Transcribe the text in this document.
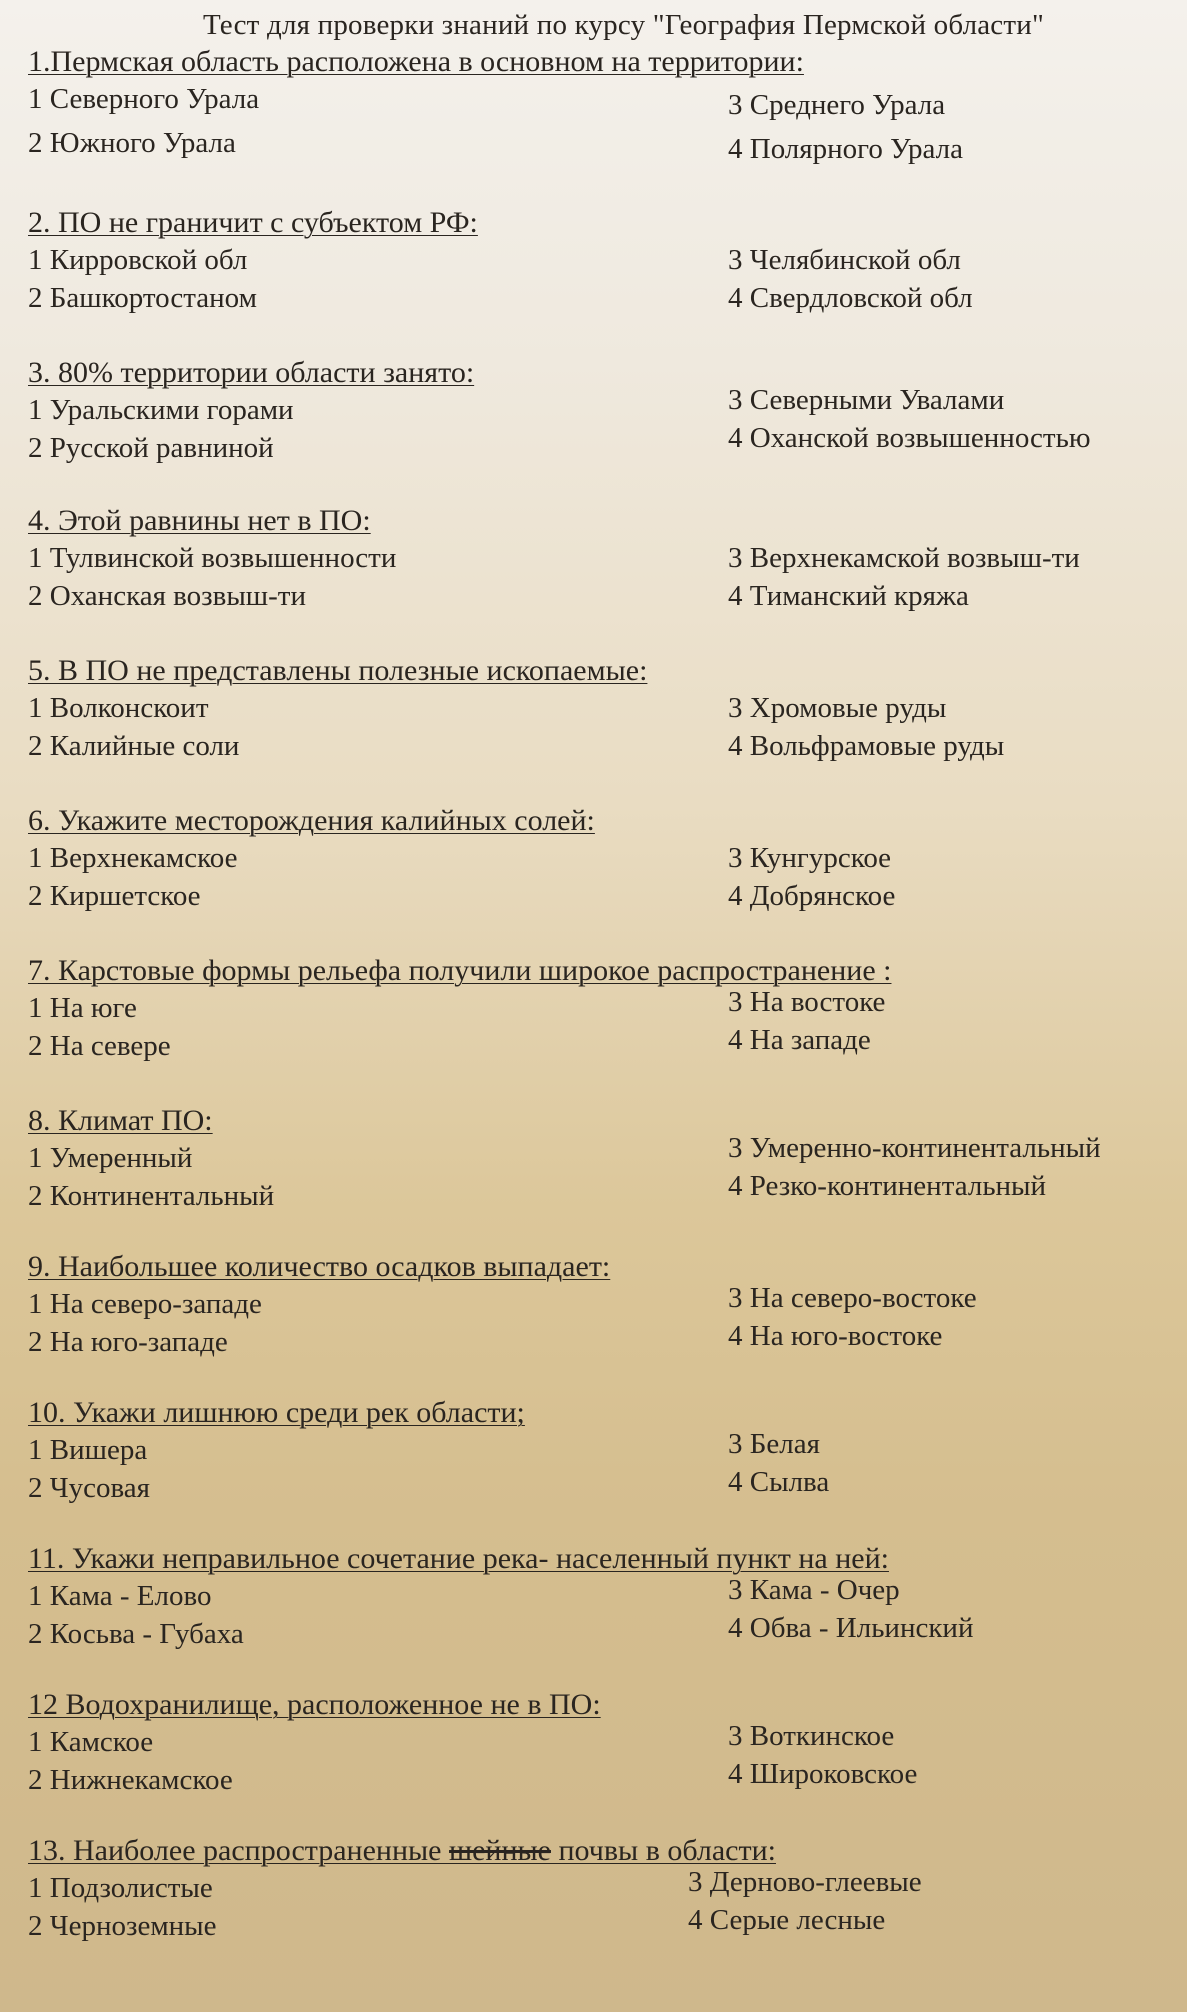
Тест для проверки знаний по курсу "География Пермской области"
1.Пермская область расположена в основном на территории:
1 Северного Урала	3 Среднего Урала
2 Южного Урала	4 Полярного Урала
2. ПО не граничит с субъектом РФ:
1 Кирровской обл	3 Челябинской обл
2 Башкортостаном	4 Свердловской обл
3. 80% территории области занято:
1 Уральскими горами	3 Северными Увалами
2 Русской равниной	4 Оханской возвышенностью
4. Этой равнины нет в ПО:
1 Тулвинской возвышенности	3 Верхнекамской возвыш-ти
2 Оханская возвыш-ти	4 Тиманский кряжа
5. В ПО не представлены полезные ископаемые:
1 Волконскоит	3 Хромовые руды
2 Калийные соли	4 Вольфрамовые руды
6. Укажите месторождения калийных солей:
1 Верхнекамское	3 Кунгурское
2 Киршетское	4 Добрянское
7. Карстовые формы рельефа получили широкое распространение :
1 На юге	3 На востоке
2 На севере	4 На западе
8. Климат ПО:
1 Умеренный	3 Умеренно-континентальный
2 Континентальный	4 Резко-континентальный
9. Наибольшее количество осадков выпадает:
1 На северо-западе	3 На северо-востоке
2 На юго-западе	4 На юго-востоке
10. Укажи лишнюю среди рек области;
1 Вишера	3 Белая
2 Чусовая	4 Сылва
11. Укажи неправильное сочетание река- населенный пункт на ней:
1 Кама - Елово	3 Кама - Очер
2 Косьва - Губаха	4 Обва - Ильинский
12 Водохранилище, расположенное не в ПО:
1 Камское	3 Воткинское
2 Нижнекамское	4 Широковское
13. Наиболее распространенные шейные почвы в области:
1 Подзолистые	3 Дерново-глеевые
2 Черноземные	4 Серые лесные
